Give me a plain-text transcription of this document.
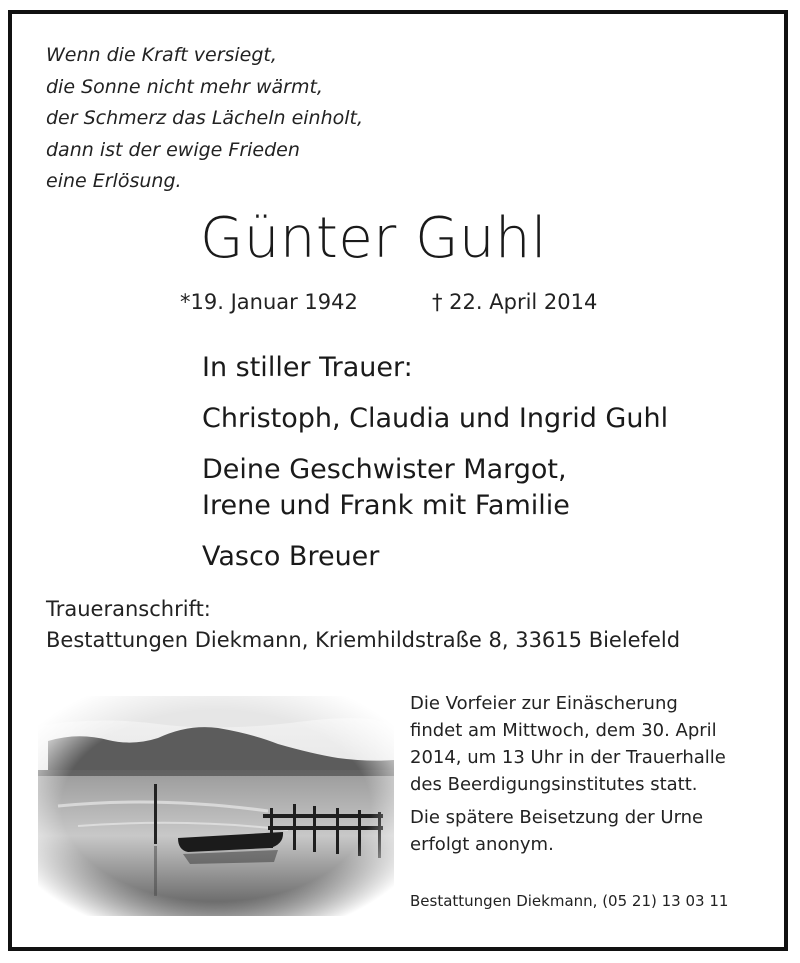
Wenn die Kraft versiegt,
die Sonne nicht mehr wärmt,
der Schmerz das Lächeln einholt,
dann ist der ewige Frieden
eine Erlösung.
Günter Guhl
*19. Januar 1942	† 22. April 2014
In stiller Trauer:
Christoph, Claudia und Ingrid Guhl
Deine Geschwister Margot,
Irene und Frank mit Familie
Vasco Breuer
Traueranschrift:
Bestattungen Diekmann, Kriemhildstraße 8, 33615 Bielefeld
Die Vorfeier zur Einäscherung
findet am Mittwoch, dem 30. April
2014, um 13 Uhr in der Trauerhalle
des Beerdigungsinstitutes statt.
Die spätere Beisetzung der Urne
erfolgt anonym.
Bestattungen Diekmann, (05 21) 13 03 11
